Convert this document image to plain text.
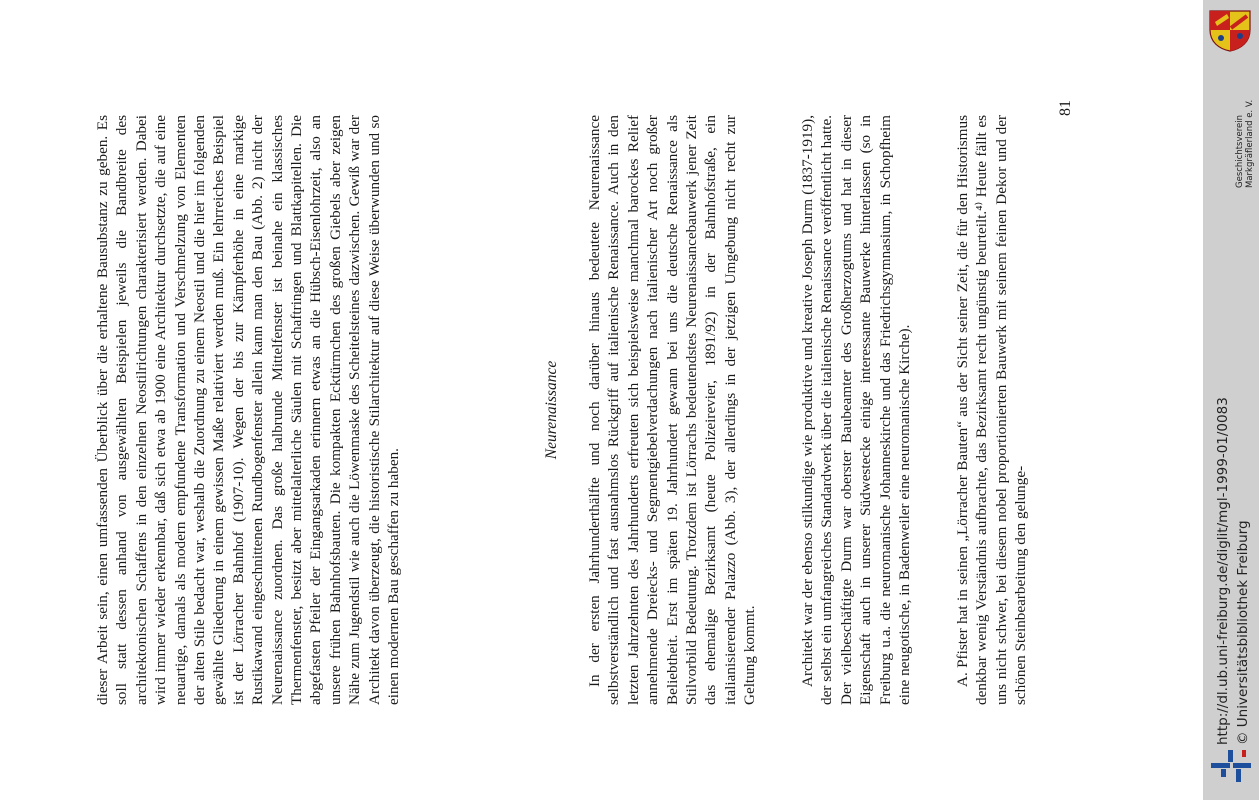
dieser Arbeit sein, einen umfassenden Überblick über die erhaltene Bausubstanz zu geben. Es soll statt dessen anhand von ausgewählten Beispielen jeweils die Bandbreite des architektonischen Schaffens in den einzelnen Neostilrichtungen charakterisiert werden. Dabei wird immer wieder erkennbar, daß sich etwa ab 1900 eine Architektur durchsetzte, die auf eine neuartige, damals als modern empfundene Transformation und Verschmelzung von Elementen der alten Stile bedacht war, weshalb die Zuordnung zu einem Neostil und die hier im folgenden gewählte Gliederung in einem gewissen Maße relativiert werden muß. Ein lehrreiches Beispiel ist der Lörracher Bahnhof (1907-10). Wegen der bis zur Kämpferhöhe in eine markige Rustikawand eingeschnittenen Rundbogenfenster allein kann man den Bau (Abb. 2) nicht der Neurenaissance zuordnen. Das große halbrunde Mittelfenster ist beinahe ein klassisches Thermenfenster, besitzt aber mittelalterliche Säulen mit Schaftringen und Blattkapitellen. Die abgefasten Pfeiler der Eingangsarkaden erinnern etwas an die Hübsch-Eisenlohrzeit, also an unsere frühen Bahnhofsbauten. Die kompakten Ecktürmchen des großen Giebels aber zeigen Nähe zum Jugendstil wie auch die Löwenmaske des Scheitelsteines dazwischen. Gewiß war der Architekt davon überzeugt, die historistische Stilarchitektur auf diese Weise überwunden und so einen modernen Bau geschaffen zu haben.

Neurenaissance In der ersten Jahrhunderthälfte und noch darüber hinaus bedeutete Neurenaissance selbstverständlich und fast ausnahmslos Rückgriff auf italienische Renaissance. Auch in den letzten Jahrzehnten des Jahrhunderts erfreuten sich beispielsweise manchmal barockes Relief annehmende Dreiecks- und Segmentgiebelverdachungen nach italienischer Art noch großer Beliebtheit. Erst im späten 19. Jahrhundert gewann bei uns die deutsche Renaissance als Stilvorbild Bedeutung. Trotzdem ist Lörrachs bedeutendstes Neurenaissancebauwerk jener Zeit das ehemalige Bezirksamt (heute Polizeirevier, 1891/92) in der Bahnhofstraße, ein italianisierender Palazzo (Abb. 3), der allerdings in der jetzigen Umgebung nicht recht zur Geltung kommt.	Architekt war der ebenso stilkundige wie produktive und kreative Joseph Durm (1837-1919), der selbst ein umfangreiches Standardwerk über die italienische Renaissance veröffentlicht hatte. Der vielbeschäftigte Durm war oberster Baubeamter des Großherzogtums und hat in dieser Eigenschaft auch in unserer Südwestecke einige interessante Bauwerke hinterlassen (so in Freiburg u.a. die neuromanische Johanneskirche und das Friedrichsgymnasium, in Schopfheim eine neugotische, in Badenweiler eine neuromanische Kirche).	A. Pfister hat in seinen „Lörracher Bauten“ aus der Sicht seiner Zeit, die für den Historismus denkbar wenig Verständnis aufbrachte, das Bezirksamt recht ungünstig beurteilt.⁴⁾ Heute fällt es uns nicht schwer, bei diesem nobel proportionierten Bauwerk mit seinem feinen Dekor und der schönen Steinbearbeitung den gelunge-

81
http://dl.ub.uni-freiburg.de/diglit/mgl-1999-01/0083 © Universitätsbibliothek Freiburg
Geschichtsverein Markgräflerland e. V.
